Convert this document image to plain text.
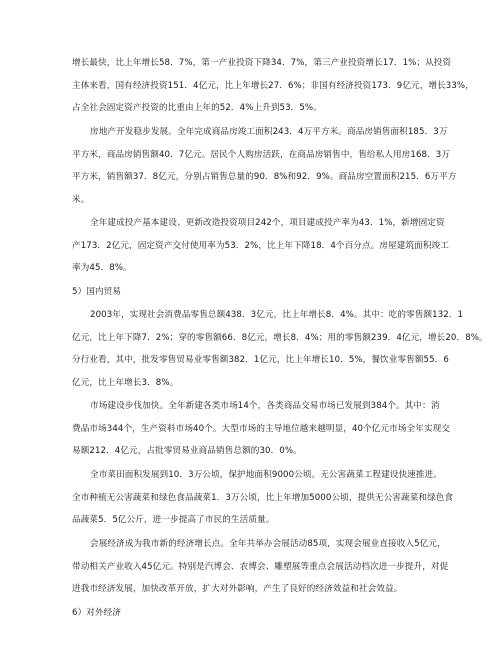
增长最快，比上年增长58．7%，第一产业投资下降34．7%，第三产业投资增长17．1%；从投资
主体来看，国有经济投资151．4亿元，比上年增长27．6%；非国有经济投资173．9亿元，增长33%，
占全社会固定资产投资的比重由上年的52．4%上升到53．5%。
房地产开发稳步发展。全年完成商品房竣工面积243．4万平方米。商品房销售面积185．3万
平方米，商品房销售额40．7亿元。居民个人购房活跃，在商品房销售中，售给私人用房168．3万
平方米，销售额37．8亿元，分别占销售总量的90．8%和92．9%。商品房空置面积215．6万平方
米。
全年建成投产基本建设、更新改造投资项目242个，项目建成投产率为43．1%，新增固定资
产173．2亿元，固定资产交付使用率为53．2%，比上年下降18．4个百分点。房屋建筑面积竣工
率为45．8%。
5）国内贸易
2003年，实现社会消费品零售总额438．3亿元，比上年增长8．4%。其中：吃的零售额132．1
亿元，比上年下降7．2%；穿的零售额66．8亿元，增长8．4%；用的零售额239．4亿元，增长20．8%。
分行业看，其中，批发零售贸易业零售额382．1亿元，比上年增长10．5%，餐饮业零售额55．6
亿元，比上年增长3．8%。
市场建设步伐加快。全年新建各类市场14个，各类商品交易市场已发展到384个。其中：消
费品市场344个，生产资料市场40个。大型市场的主导地位越来越明显，40个亿元市场全年实现交
易额212．4亿元，占批零贸易业商品销售总额的30．0%。
全市菜田面积发展到10．3万公顷，保护地面积9000公顷。无公害蔬菜工程建设快速推进。
全市种植无公害蔬菜和绿色食品蔬菜1．3万公顷，比上年增加5000公顷，提供无公害蔬菜和绿色食
品蔬菜5．5亿公斤，进一步提高了市民的生活质量。
会展经济成为我市新的经济增长点。全年共举办会展活动85项，实现会展业直接收入5亿元，
带动相关产业收入45亿元。特别是汽博会、农博会、雕塑展等重点会展活动档次进一步提升，对促
进我市经济发展，加快改革开放，扩大对外影响，产生了良好的经济效益和社会效益。
6）对外经济
